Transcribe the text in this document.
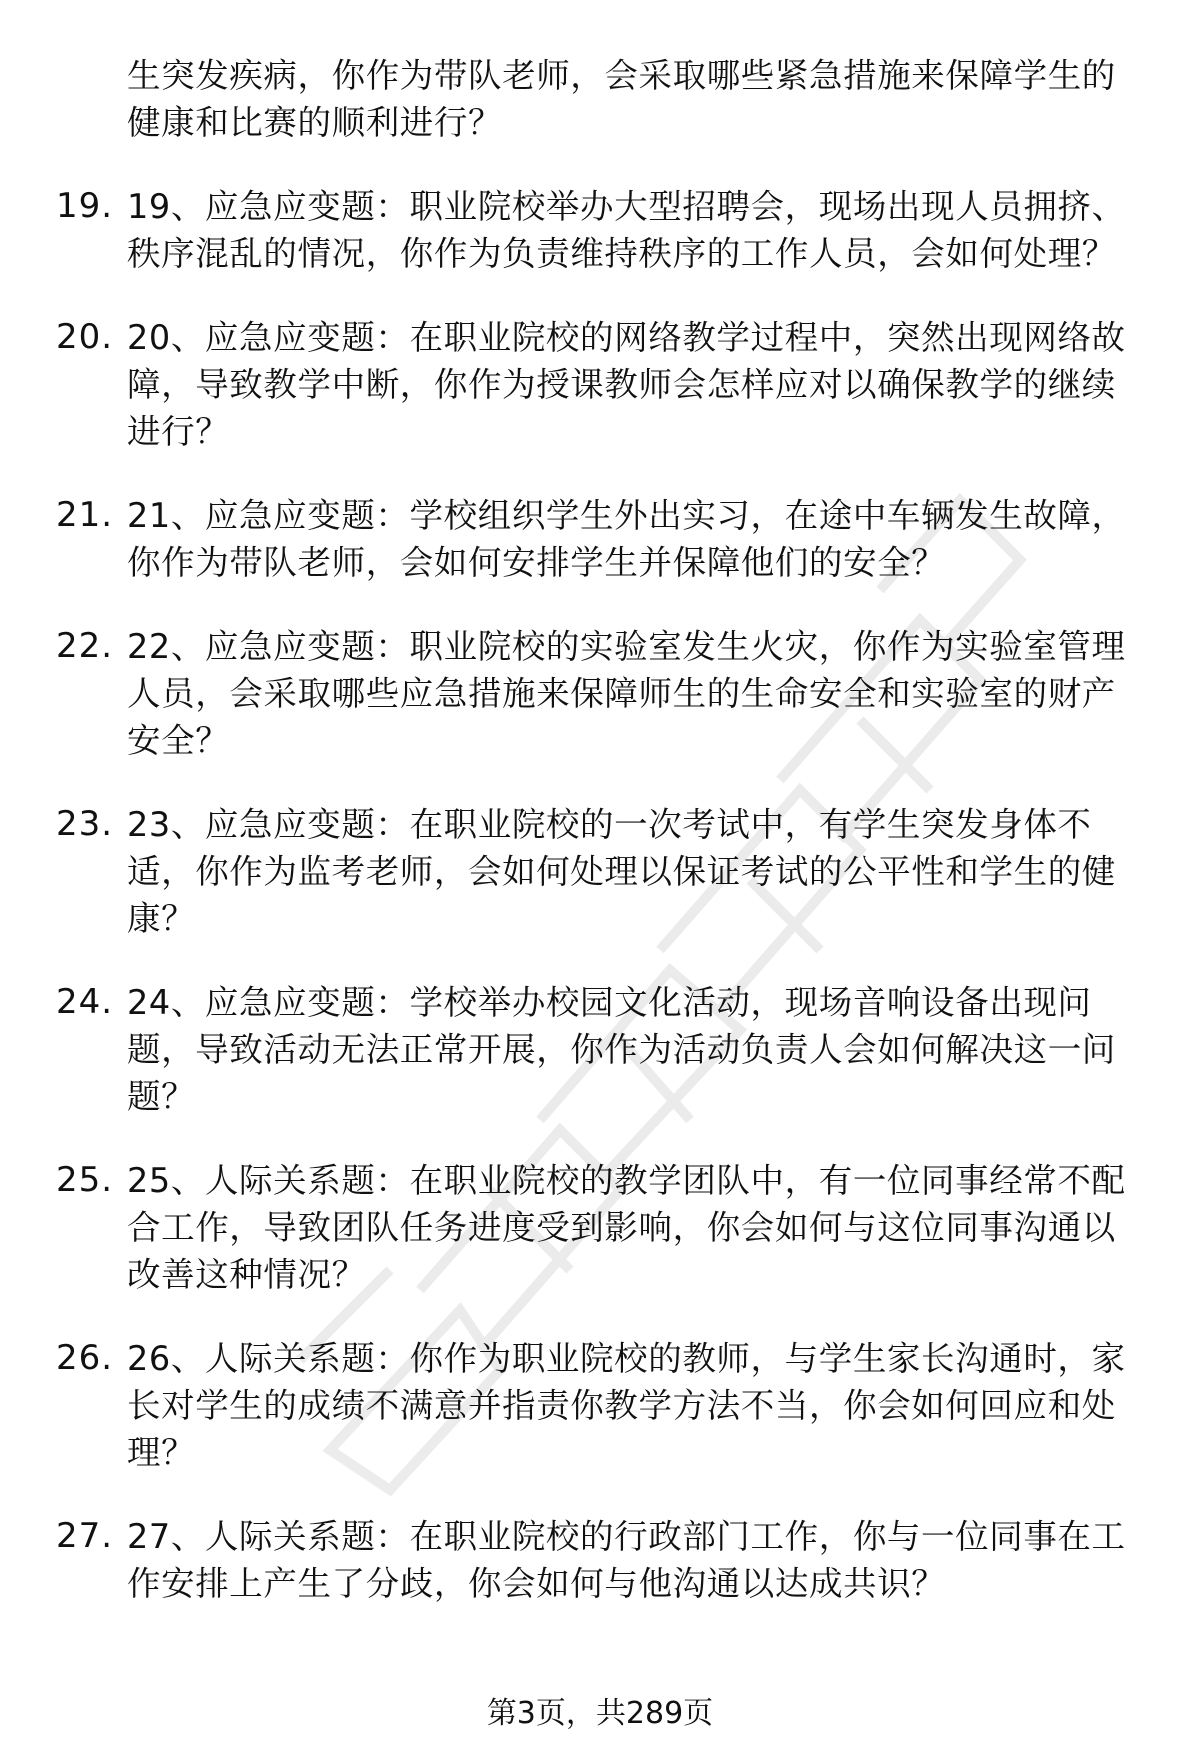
生突发疾病，你作为带队老师，会采取哪些紧急措施来保障学生的健康和比赛的顺利进行？
19. 19、应急应变题：职业院校举办大型招聘会，现场出现人员拥挤、秩序混乱的情况，你作为负责维持秩序的工作人员，会如何处理？
20. 20、应急应变题：在职业院校的网络教学过程中，突然出现网络故障，导致教学中断，你作为授课教师会怎样应对以确保教学的继续进行？
21. 21、应急应变题：学校组织学生外出实习，在途中车辆发生故障，你作为带队老师，会如何安排学生并保障他们的安全？
22. 22、应急应变题：职业院校的实验室发生火灾，你作为实验室管理人员，会采取哪些应急措施来保障师生的生命安全和实验室的财产安全？
23. 23、应急应变题：在职业院校的一次考试中，有学生突发身体不适，你作为监考老师，会如何处理以保证考试的公平性和学生的健康？
24. 24、应急应变题：学校举办校园文化活动，现场音响设备出现问题，导致活动无法正常开展，你作为活动负责人会如何解决这一问题？
25. 25、人际关系题：在职业院校的教学团队中，有一位同事经常不配合工作，导致团队任务进度受到影响，你会如何与这位同事沟通以改善这种情况？
26. 26、人际关系题：你作为职业院校的教师，与学生家长沟通时，家长对学生的成绩不满意并指责你教学方法不当，你会如何回应和处理？
27. 27、人际关系题：在职业院校的行政部门工作，你与一位同事在工作安排上产生了分歧，你会如何与他沟通以达成共识？
第3页，共289页
